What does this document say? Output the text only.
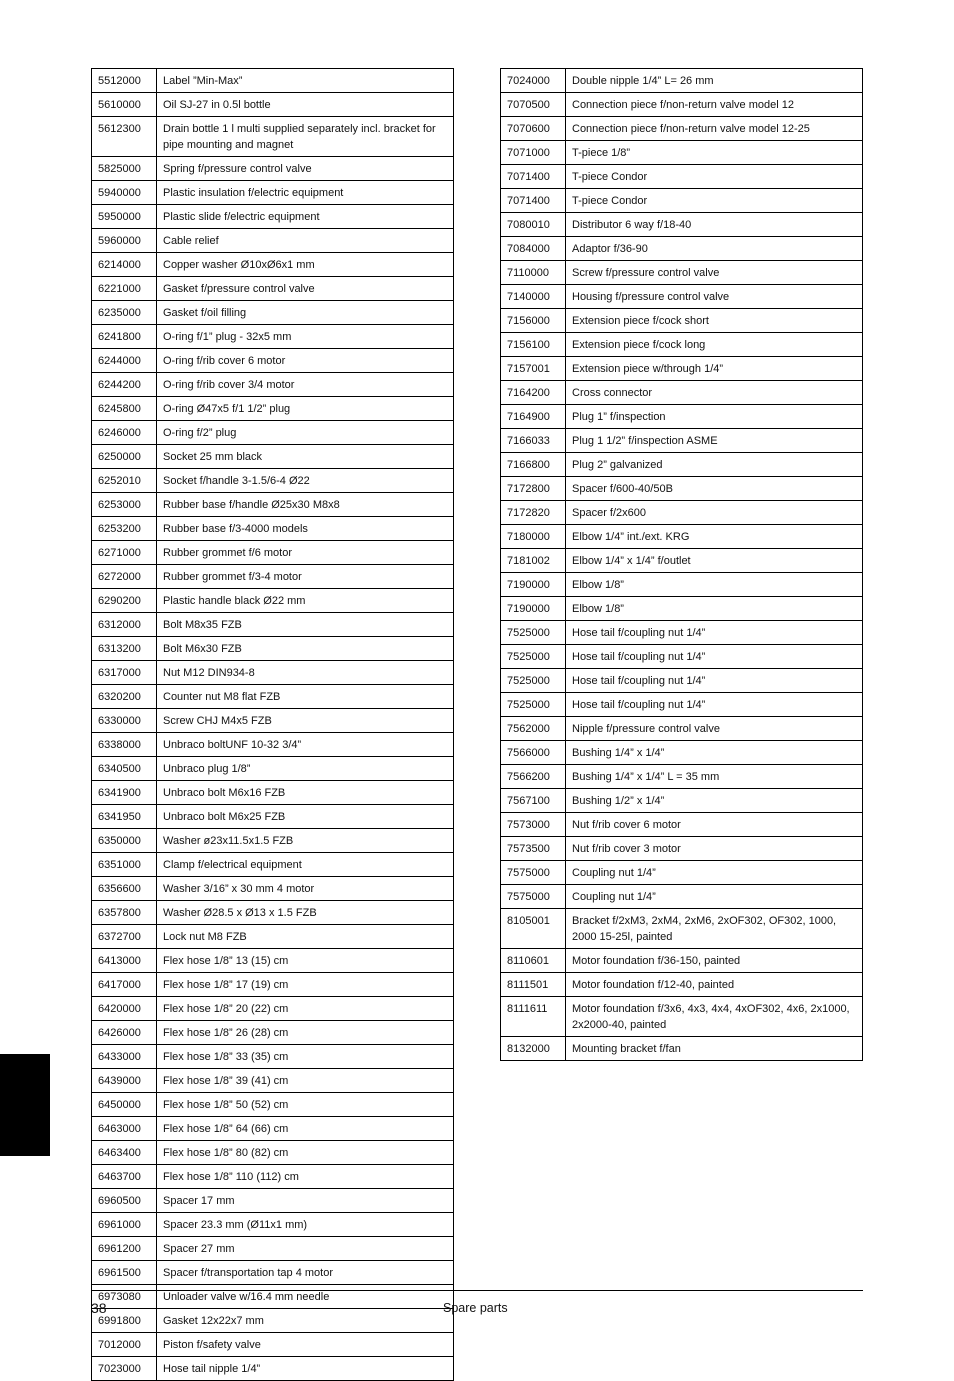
5512000	Label ”Min-Max”
5610000	Oil SJ-27 in 0.5l bottle
5612300	Drain bottle 1 l multi supplied separately incl. bracket for pipe mounting and magnet
5825000	Spring f/pressure control valve
5940000	Plastic insulation f/electric equipment
5950000	Plastic slide f/electric equipment
5960000	Cable relief
6214000	Copper washer Ø10xØ6x1 mm
6221000	Gasket f/pressure control valve
6235000	Gasket f/oil filling
6241800	O-ring f/1” plug - 32x5 mm
6244000	O-ring f/rib cover 6 motor
6244200	O-ring f/rib cover 3/4 motor
6245800	O-ring Ø47x5 f/1 1/2” plug
6246000	O-ring f/2” plug
6250000	Socket 25 mm black
6252010	Socket f/handle 3-1.5/6-4 Ø22
6253000	Rubber base f/handle Ø25x30 M8x8
6253200	Rubber base f/3-4000 models
6271000	Rubber grommet f/6 motor
6272000	Rubber grommet f/3-4 motor
6290200	Plastic handle black Ø22 mm
6312000	Bolt M8x35 FZB
6313200	Bolt M6x30 FZB
6317000	Nut M12 DIN934-8
6320200	Counter nut M8 flat FZB
6330000	Screw CHJ M4x5 FZB
6338000	Unbraco boltUNF 10-32 3/4”
6340500	Unbraco plug 1/8”
6341900	Unbraco bolt M6x16 FZB
6341950	Unbraco bolt M6x25 FZB
6350000	Washer ø23x11.5x1.5 FZB
6351000	Clamp f/electrical equipment
6356600	Washer 3/16” x 30 mm 4 motor
6357800	Washer Ø28.5 x Ø13 x 1.5 FZB
6372700	Lock nut M8 FZB
6413000	Flex hose 1/8” 13 (15) cm
6417000	Flex hose 1/8” 17 (19) cm
6420000	Flex hose 1/8” 20 (22) cm
6426000	Flex hose 1/8” 26 (28) cm
6433000	Flex hose 1/8” 33 (35) cm
6439000	Flex hose 1/8” 39 (41) cm
6450000	Flex hose 1/8” 50 (52) cm
6463000	Flex hose 1/8” 64 (66) cm
6463400	Flex hose 1/8” 80 (82) cm
6463700	Flex hose 1/8” 110 (112) cm
6960500	Spacer 17 mm
6961000	Spacer 23.3 mm (Ø11x1 mm)
6961200	Spacer 27 mm
6961500	Spacer f/transportation tap 4 motor
6973080	Unloader valve w/16.4 mm needle
6991800	Gasket 12x22x7 mm
7012000	Piston f/safety valve
7023000	Hose tail nipple 1/4”
7024000	Double nipple 1/4” L= 26 mm
7070500	Connection piece f/non-return valve model 12
7070600	Connection piece f/non-return valve model 12-25
7071000	T-piece 1/8”
7071400	T-piece Condor
7071400	T-piece Condor
7080010	Distributor 6 way f/18-40
7084000	Adaptor f/36-90
7110000	Screw f/pressure control valve
7140000	Housing f/pressure control valve
7156000	Extension piece f/cock short
7156100	Extension piece f/cock long
7157001	Extension piece w/through 1/4”
7164200	Cross connector
7164900	Plug 1” f/inspection
7166033	Plug 1 1/2” f/inspection ASME
7166800	Plug 2” galvanized
7172800	Spacer f/600-40/50B
7172820	Spacer f/2x600
7180000	Elbow 1/4” int./ext. KRG
7181002	Elbow 1/4” x 1/4” f/outlet
7190000	Elbow 1/8”
7190000	Elbow 1/8”
7525000	Hose tail f/coupling nut 1/4”
7525000	Hose tail f/coupling nut 1/4”
7525000	Hose tail f/coupling nut 1/4”
7525000	Hose tail f/coupling nut 1/4”
7562000	Nipple f/pressure control valve
7566000	Bushing 1/4” x 1/4”
7566200	Bushing 1/4” x 1/4” L = 35 mm
7567100	Bushing 1/2” x 1/4”
7573000	Nut f/rib cover 6 motor
7573500	Nut f/rib cover 3 motor
7575000	Coupling nut 1/4”
7575000	Coupling nut 1/4”
8105001	Bracket f/2xM3, 2xM4, 2xM6, 2xOF302, OF302, 1000, 2000 15-25l, painted
8110601	Motor foundation f/36-150, painted
8111501	Motor foundation f/12-40, painted
8111611	Motor foundation f/3x6, 4x3, 4x4, 4xOF302, 4x6, 2x1000, 2x2000-40, painted
8132000	Mounting bracket f/fan
38	Spare parts
